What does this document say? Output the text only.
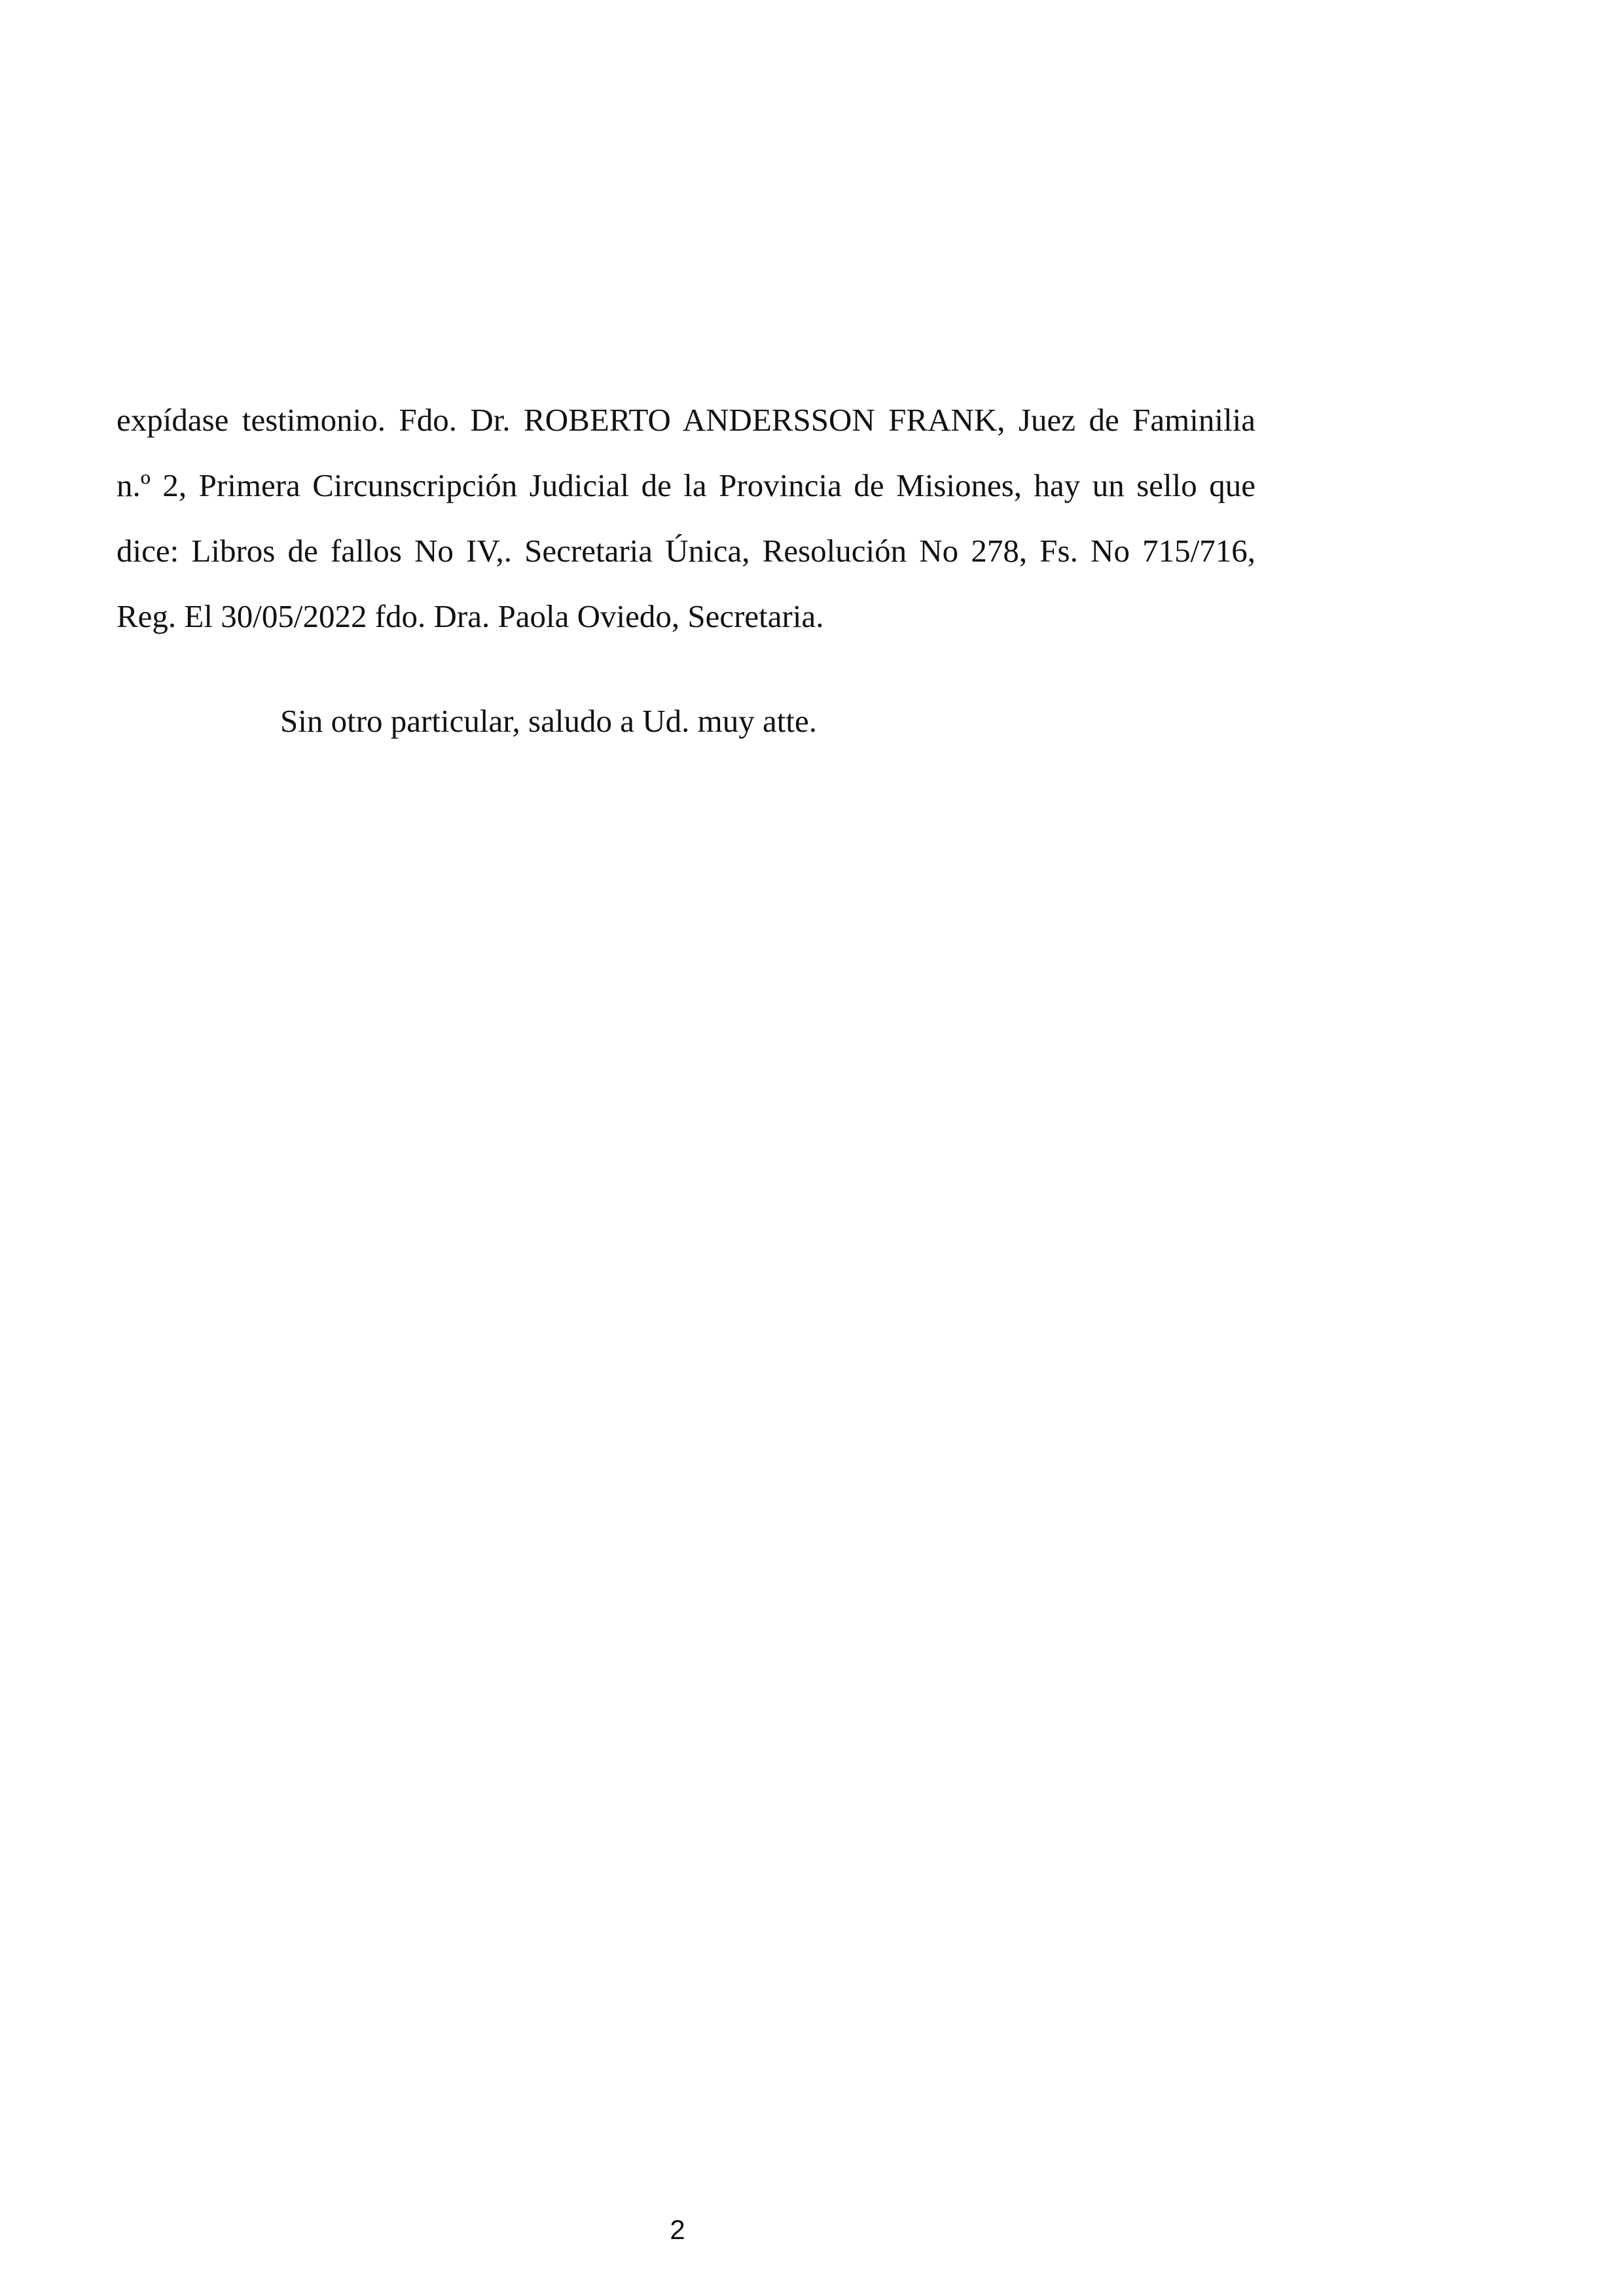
expídase testimonio. Fdo. Dr. ROBERTO ANDERSSON FRANK, Juez de Faminilia
n.º 2, Primera Circunscripción Judicial de la Provincia de Misiones, hay un sello que
dice: Libros de fallos No IV,. Secretaria Única, Resolución No 278, Fs. No 715/716,
Reg. El 30/05/2022 fdo. Dra. Paola Oviedo, Secretaria.
Sin otro particular, saludo a Ud. muy atte.
2
